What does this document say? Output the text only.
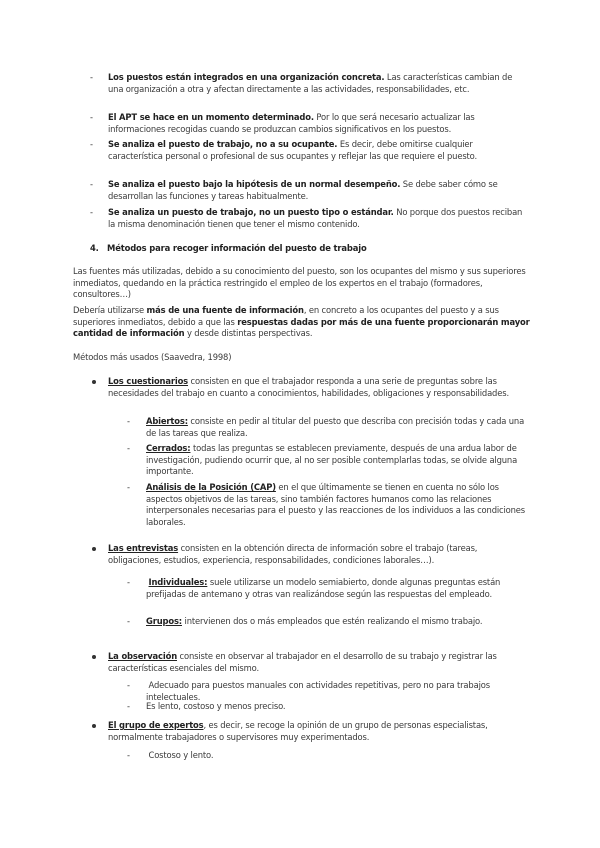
- Los puestos están integrados en una organización concreta. Las características cambian de una organización a otra y afectan directamente a las actividades, responsabilidades, etc.
- El APT se hace en un momento determinado. Por lo que será necesario actualizar las informaciones recogidas cuando se produzcan cambios significativos en los puestos.
- Se analiza el puesto de trabajo, no a su ocupante. Es decir, debe omitirse cualquier característica personal o profesional de sus ocupantes y reflejar las que requiere el puesto.
- Se analiza el puesto bajo la hipótesis de un normal desempeño. Se debe saber cómo se desarrollan las funciones y tareas habitualmente.
- Se analiza un puesto de trabajo, no un puesto tipo o estándar. No porque dos puestos reciban la misma denominación tienen que tener el mismo contenido.
4. Métodos para recoger información del puesto de trabajo
Las fuentes más utilizadas, debido a su conocimiento del puesto, son los ocupantes del mismo y sus superiores inmediatos, quedando en la práctica restringido el empleo de los expertos en el trabajo (formadores, consultores…)
Debería utilizarse más de una fuente de información, en concreto a los ocupantes del puesto y a sus superiores inmediatos, debido a que las respuestas dadas por más de una fuente proporcionarán mayor cantidad de información y desde distintas perspectivas.
Métodos más usados (Saavedra, 1998)
Los cuestionarios consisten en que el trabajador responda a una serie de preguntas sobre las necesidades del trabajo en cuanto a conocimientos, habilidades, obligaciones y responsabilidades.
- Abiertos: consiste en pedir al titular del puesto que describa con precisión todas y cada una de las tareas que realiza.
- Cerrados: todas las preguntas se establecen previamente, después de una ardua labor de investigación, pudiendo ocurrir que, al no ser posible contemplarlas todas, se olvide alguna importante.
- Análisis de la Posición (CAP) en el que últimamente se tienen en cuenta no sólo los aspectos objetivos de las tareas, sino también factores humanos como las relaciones interpersonales necesarias para el puesto y las reacciones de los individuos a las condiciones laborales.
Las entrevistas consisten en la obtención directa de información sobre el trabajo (tareas, obligaciones, estudios, experiencia, responsabilidades, condiciones laborales…).
- Individuales: suele utilizarse un modelo semiabierto, donde algunas preguntas están prefijadas de antemano y otras van realizándose según las respuestas del empleado.
- Grupos: intervienen dos o más empleados que estén realizando el mismo trabajo.
La observación consiste en observar al trabajador en el desarrollo de su trabajo y registrar las características esenciales del mismo.
- Adecuado para puestos manuales con actividades repetitivas, pero no para trabajos intelectuales.
- Es lento, costoso y menos preciso.
El grupo de expertos, es decir, se recoge la opinión de un grupo de personas especialistas, normalmente trabajadores o supervisores muy experimentados.
- Costoso y lento.
